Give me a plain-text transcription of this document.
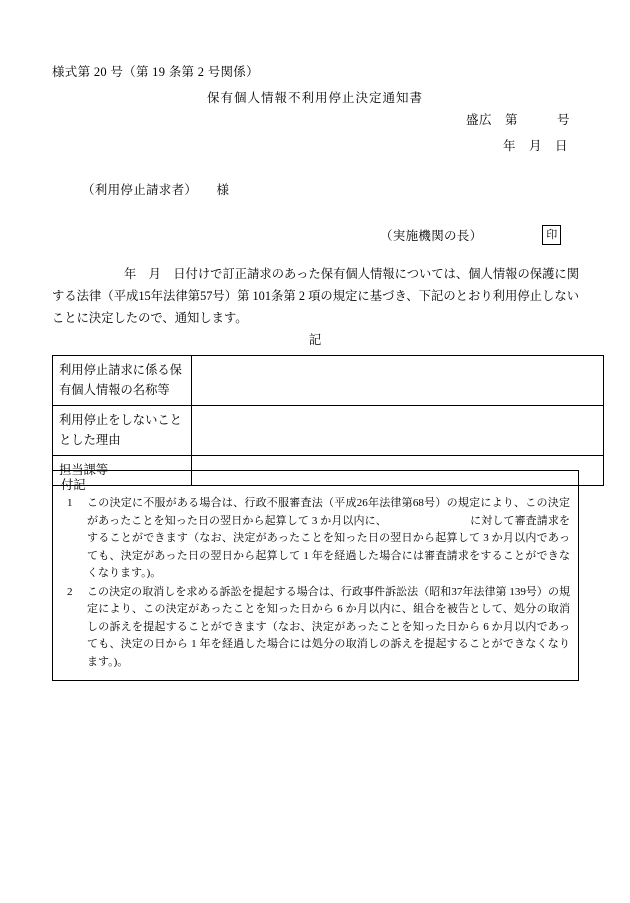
様式第 20 号（第 19 条第 2 号関係）
保有個人情報不利用停止決定通知書
盛広　第　　　号
年　月　日
（利用停止請求者）　　様
（実施機関の長）	印
年　月　日付けで訂正請求のあった保有個人情報については、個人情報の保護に関する法律（平成15年法律第57号）第 101条第 2 項の規定に基づき、下記のとおり利用停止しないことに決定したので、通知します。
記
利用停止請求に係る保有個人情報の名称等	
利用停止をしないこととした理由	
担当課等	
付記
1	この決定に不服がある場合は、行政不服審査法（平成26年法律第68号）の規定により、この決定があったことを知った日の翌日から起算して 3 か月以内に、　　　　　　　　に対して審査請求をすることができます（なお、決定があったことを知った日の翌日から起算して 3 か月以内であっても、決定があった日の翌日から起算して 1 年を経過した場合には審査請求をすることができなくなります。)。
2	この決定の取消しを求める訴訟を提起する場合は、行政事件訴訟法（昭和37年法律第 139号）の規定により、この決定があったことを知った日から 6 か月以内に、組合を被告として、処分の取消しの訴えを提起することができます（なお、決定があったことを知った日から 6 か月以内であっても、決定の日から 1 年を経過した場合には処分の取消しの訴えを提起することができなくなります。)。
